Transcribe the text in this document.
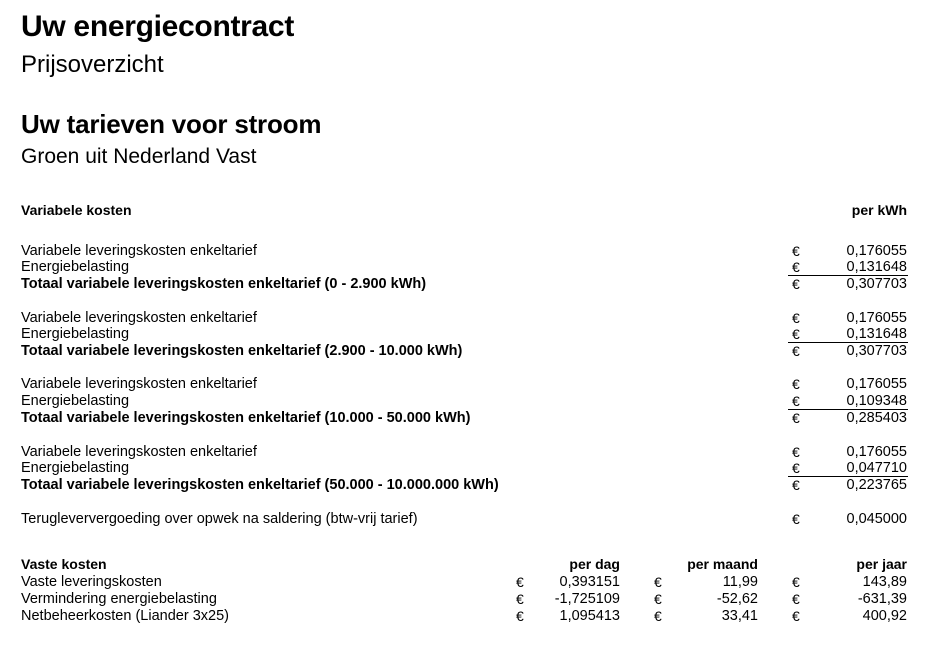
Uw energiecontract
Prijsoverzicht
Uw tarieven voor stroom
Groen uit Nederland Vast
Variabele kosten	per kWh
Variabele leveringskosten enkeltarief	€	0,176055
Energiebelasting	€	0,131648
Totaal variabele leveringskosten enkeltarief (0 - 2.900 kWh)	€	0,307703
Variabele leveringskosten enkeltarief	€	0,176055
Energiebelasting	€	0,131648
Totaal variabele leveringskosten enkeltarief (2.900 - 10.000 kWh)	€	0,307703
Variabele leveringskosten enkeltarief	€	0,176055
Energiebelasting	€	0,109348
Totaal variabele leveringskosten enkeltarief (10.000 - 50.000 kWh)	€	0,285403
Variabele leveringskosten enkeltarief	€	0,176055
Energiebelasting	€	0,047710
Totaal variabele leveringskosten enkeltarief (50.000 - 10.000.000 kWh)	€	0,223765
Terugleververgoeding over opwek na saldering (btw-vrij tarief)	€	0,045000
Vaste kosten	per dag	per maand	per jaar
Vaste leveringskosten	€ 0,393151 €	11,99 €	143,89
Vermindering energiebelasting	€ -1,725109 €	-52,62 €	-631,39
Netbeheerkosten (Liander 3x25)	€ 1,095413 €	33,41 €	400,92
